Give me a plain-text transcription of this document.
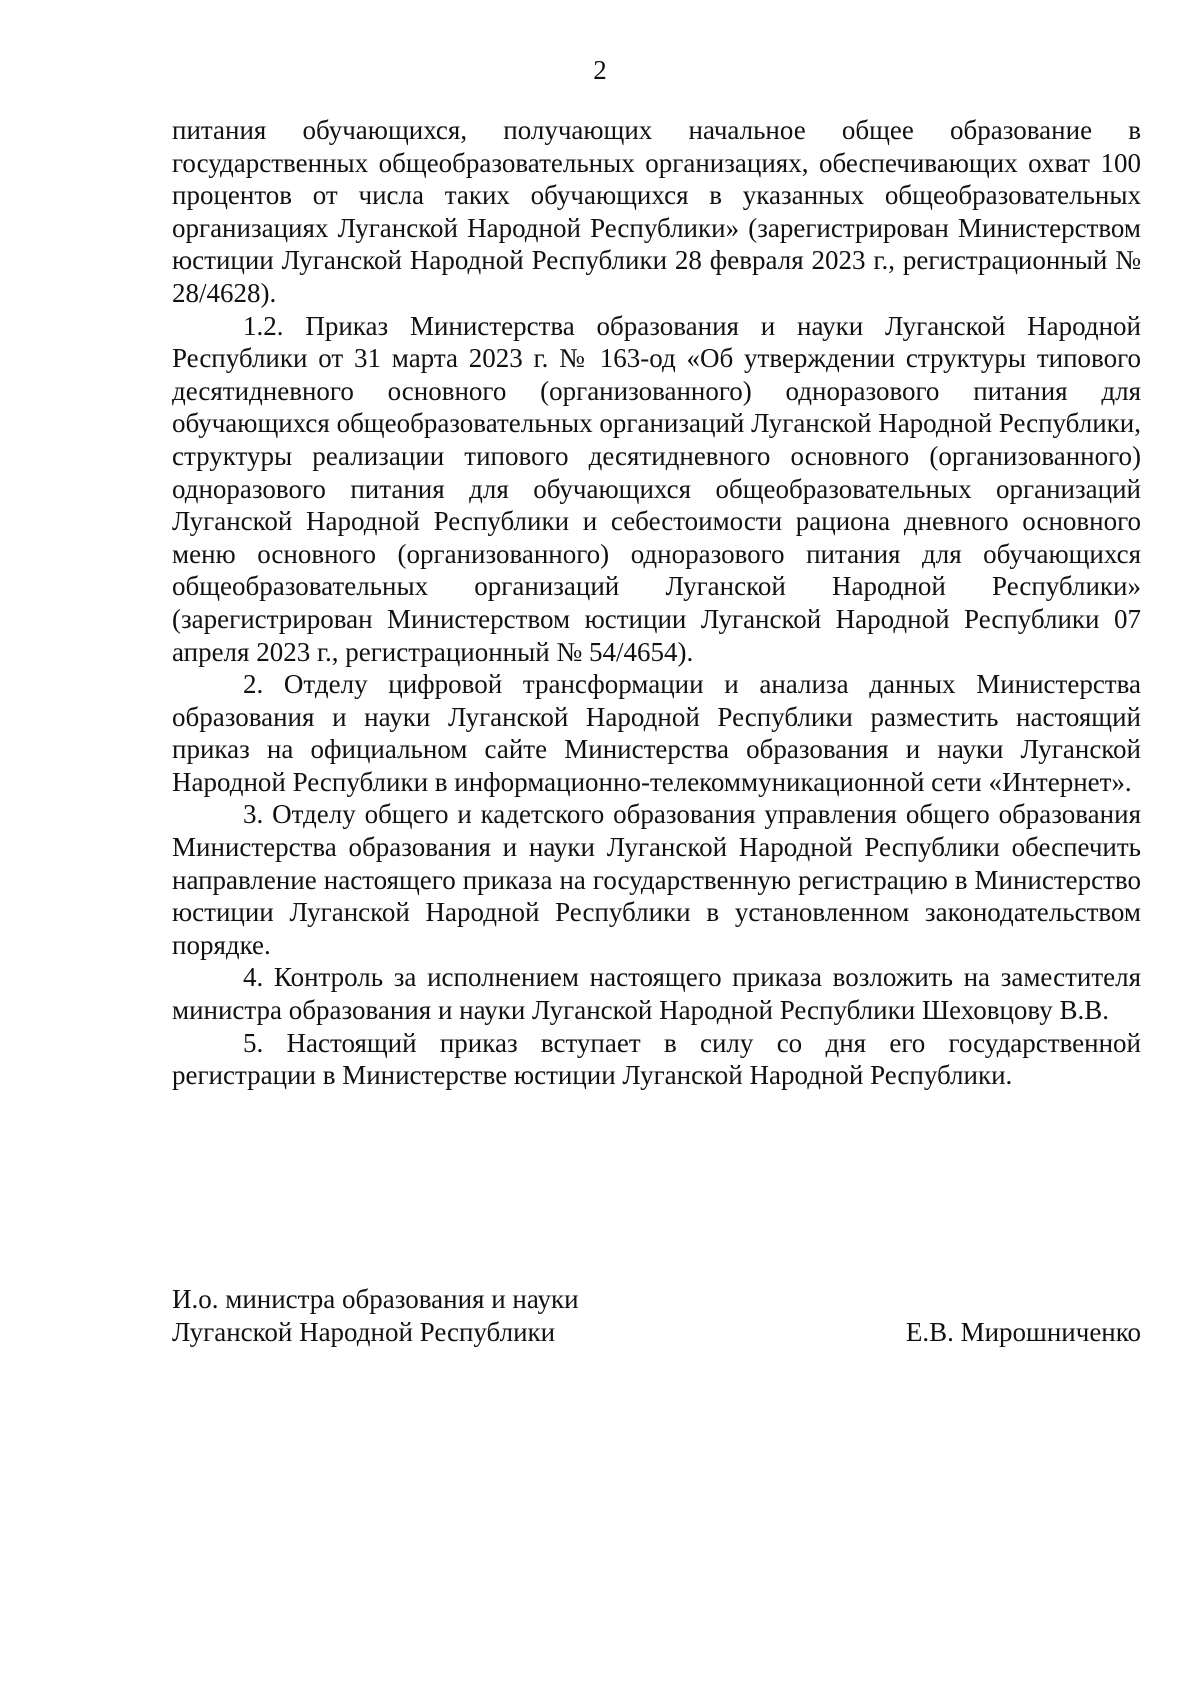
2

питания обучающихся, получающих начальное общее образование в государственных общеобразовательных организациях, обеспечивающих охват 100 процентов от числа таких обучающихся в указанных общеобразовательных организациях Луганской Народной Республики» (зарегистрирован Министерством юстиции Луганской Народной Республики 28 февраля 2023 г., регистрационный № 28/4628).

1.2. Приказ Министерства образования и науки Луганской Народной Республики от 31 марта 2023 г. № 163-од «Об утверждении структуры типового десятидневного основного (организованного) одноразового питания для обучающихся общеобразовательных организаций Луганской Народной Республики, структуры реализации типового десятидневного основного (организованного) одноразового питания для обучающихся общеобразовательных организаций Луганской Народной Республики и себестоимости рациона дневного основного меню основного (организованного) одноразового питания для обучающихся общеобразовательных организаций Луганской Народной Республики» (зарегистрирован Министерством юстиции Луганской Народной Республики 07 апреля 2023 г., регистрационный № 54/4654).

2. Отделу цифровой трансформации и анализа данных Министерства образования и науки Луганской Народной Республики разместить настоящий приказ на официальном сайте Министерства образования и науки Луганской Народной Республики в информационно-телекоммуникационной сети «Интернет».

3. Отделу общего и кадетского образования управления общего образования Министерства образования и науки Луганской Народной Республики обеспечить направление настоящего приказа на государственную регистрацию в Министерство юстиции Луганской Народной Республики в установленном законодательством порядке.

4. Контроль за исполнением настоящего приказа возложить на заместителя министра образования и науки Луганской Народной Республики Шеховцову В.В.

5. Настоящий приказ вступает в силу со дня его государственной регистрации в Министерстве юстиции Луганской Народной Республики.

И.о. министра образования и науки
Луганской Народной Республики	Е.В. Мирошниченко
